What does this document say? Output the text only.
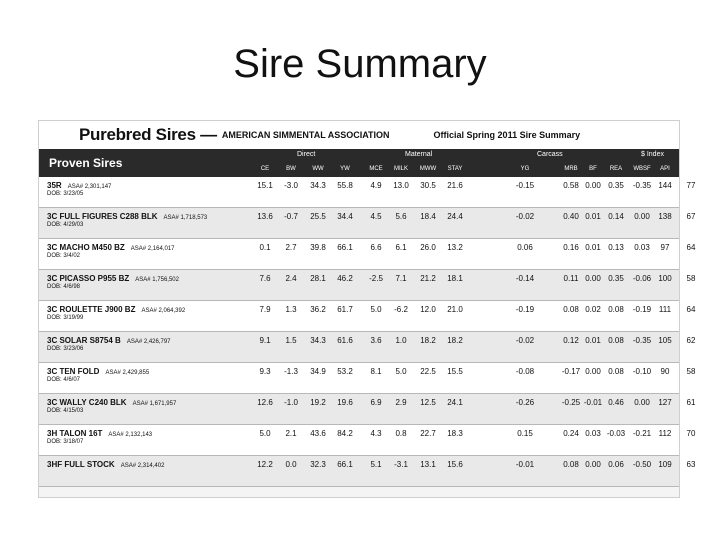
Sire Summary
Purebred Sires — AMERICAN SIMMENTAL ASSOCIATION	Official Spring 2011 Sire Summary
Proven Sires
Direct	Maternal	Carcass	$ Index
CE	BW	WW	YW	MCE MILK MWW STAY	YG	MRB BF REA WBSF API	TI
35R ASA# 2,301,147
DOB: 3/23/05
15.1 -3.0 34.3 55.8 4.9 13.0 30.5 21.6	-0.15	0.58 0.00 0.35 -0.35 144 77
3C FULL FIGURES C288 BLK ASA# 1,718,573
DOB: 4/29/03
13.6 -0.7 25.5 34.4 4.5 5.6 18.4 24.4	-0.02	0.40 0.01 0.14 0.00 138 67
3C MACHO M450 BZ ASA# 2,164,017
DOB: 3/4/02
0.1 2.7 39.8 66.1 6.6 6.1 26.0 13.2	0.06	0.16 0.01 0.13 0.03 97 64
3C PICASSO P955 BZ ASA# 1,756,502
DOB: 4/6/98
7.6 2.4 28.1 46.2 -2.5 7.1 21.2 18.1	-0.14	0.11 0.00 0.35 -0.06 100 58
3C ROULETTE J900 BZ ASA# 2,064,392
DOB: 3/19/99
7.9 1.3 36.2 61.7 5.0 -6.2 12.0 21.0	-0.19	0.08 0.02 0.08 -0.19 111 64
3C SOLAR S8754 B ASA# 2,426,797
DOB: 3/23/06
9.1 1.5 34.3 61.6 3.6 1.0 18.2 18.2	-0.02	0.12 0.01 0.08 -0.35 105 62
3C TEN FOLD ASA# 2,429,855
DOB: 4/6/07
9.3 -1.3 34.9 53.2 8.1 5.0 22.5 15.5	-0.08	-0.17 0.00 0.08 -0.10 90 58
3C WALLY C240 BLK ASA# 1,671,957
DOB: 4/15/03
12.6 -1.0 19.2 19.6 6.9 2.9 12.5 24.1	-0.26	-0.25 -0.01 0.46 0.00 127 61
3H TALON 16T ASA# 2,132,143
DOB: 3/18/07
5.0 2.1 43.6 84.2 4.3 0.8 22.7 18.3	0.15	0.24 0.03 -0.03 -0.21 112 70
3HF FULL STOCK ASA# 2,314,402	12.2 0.0 32.3 66.1 5.1 -3.1 13.1 15.6	-0.01	0.08 0.00 0.06 -0.50 109 63
